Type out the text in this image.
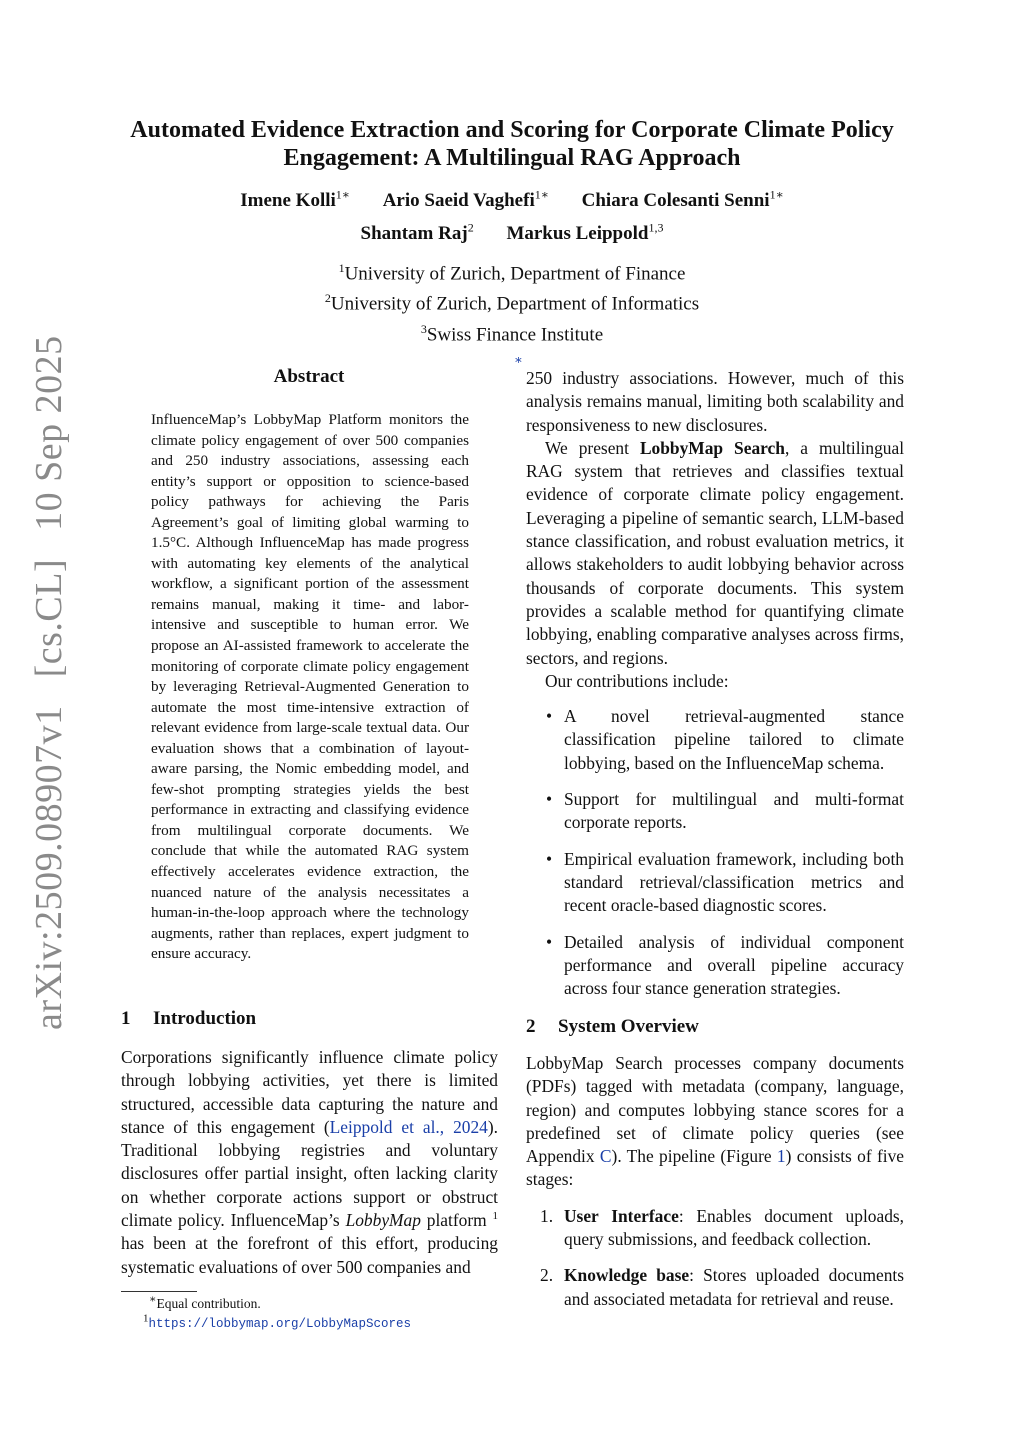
arXiv:2509.08907v1 [cs.CL] 10 Sep 2025
Automated Evidence Extraction and Scoring for Corporate Climate Policy
Engagement: A Multilingual RAG Approach
Imene Kolli$^{1∗}$ Ario Saeid Vaghefi$^{1∗}$ Chiara Colesanti Senni$^{1∗}$
Shantam Raj$^2$ Markus Leippold$^{1,3}$
$^1$University of Zurich, Department of Finance
$^2$University of Zurich, Department of Informatics
$^3$Swiss Finance Institute
Abstract
InfluenceMap’s LobbyMap Platform monitors the climate policy engagement of over 500 companies and 250 industry associations, assessing each entity’s support or opposition to science-based policy pathways for achieving the Paris Agreement’s goal of limiting global warming to 1.5°C. Although InfluenceMap has made progress with automating key elements of the analytical workflow, a significant portion of the assessment remains manual, making it time- and labor-intensive and susceptible to human error. We propose an AI-assisted framework to accelerate the monitoring of corporate climate policy engagement by leveraging Retrieval-Augmented Generation to automate the most time-intensive extraction of relevant evidence from large-scale textual data. Our evaluation shows that a combination of layout-aware parsing, the Nomic embedding model, and few-shot prompting strategies yields the best performance in extracting and classifying evidence from multilingual corporate documents. We conclude that while the automated RAG system effectively accelerates evidence extraction, the nuanced nature of the analysis necessitates a human-in-the-loop approach where the technology augments, rather than replaces, expert judgment to ensure accuracy.
1 Introduction
Corporations significantly influence climate policy through lobbying activities, yet there is limited structured, accessible data capturing the nature and stance of this engagement (Leippold et al., 2024). Traditional lobbying registries and voluntary disclosures offer partial insight, often lacking clarity on whether corporate actions support or obstruct climate policy. InfluenceMap’s LobbyMap platform $^1$ has been at the forefront of this effort, producing systematic evaluations of over 500 companies and
∗Equal contribution.
$^1$https://lobbymap.org/LobbyMapScores
∗

250 industry associations. However, much of this analysis remains manual, limiting both scalability and responsiveness to new disclosures.

We present LobbyMap Search, a multilingual RAG system that retrieves and classifies textual evidence of corporate climate policy engagement. Leveraging a pipeline of semantic search, LLM-based stance classification, and robust evaluation metrics, it allows stakeholders to audit lobbying behavior across thousands of corporate documents. This system provides a scalable method for quantifying climate lobbying, enabling comparative analyses across firms, sectors, and regions.

Our contributions include:

• A novel retrieval-augmented stance classification pipeline tailored to climate lobbying, based on the InfluenceMap schema.
• Support for multilingual and multi-format corporate reports.
• Empirical evaluation framework, including both standard retrieval/classification metrics and recent oracle-based diagnostic scores.
• Detailed analysis of individual component performance and overall pipeline accuracy across four stance generation strategies.
2 System Overview

LobbyMap Search processes company documents (PDFs) tagged with metadata (company, language, region) and computes lobbying stance scores for a predefined set of climate policy queries (see Appendix C). The pipeline (Figure 1) consists of five stages:

1. User Interface: Enables document uploads, query submissions, and feedback collection.
2. Knowledge base: Stores uploaded documents and associated metadata for retrieval and reuse.
